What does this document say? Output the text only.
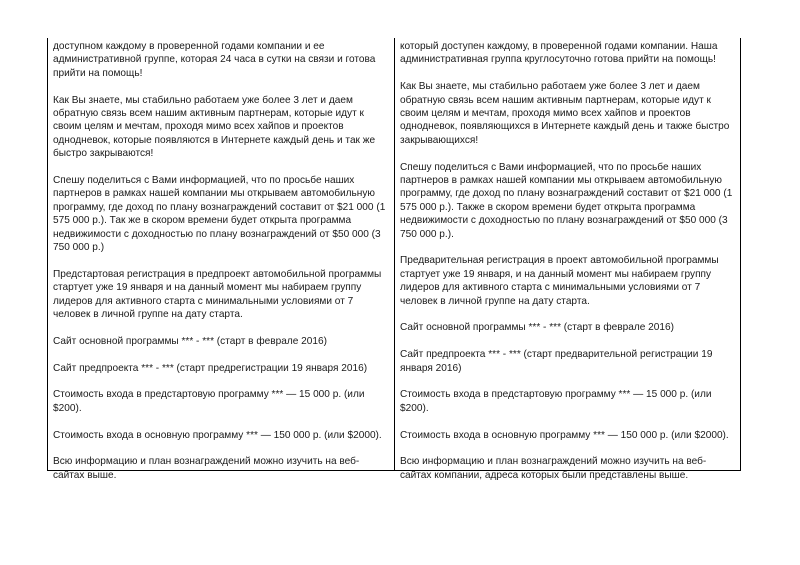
доступном каждому в проверенной годами компании и ее административной группе, которая 24 часа в сутки на связи и готова прийти на помощь!

Как Вы знаете, мы стабильно работаем уже более 3 лет и даем обратную связь всем нашим активным партнерам, которые идут к своим целям и мечтам, проходя мимо всех хайпов и проектов однодневок, которые появляются в Интернете каждый день и так же быстро закрываются!

Спешу поделиться с Вами информацией, что по просьбе наших партнеров в рамках нашей компании мы открываем автомобильную программу, где доход по плану вознаграждений составит от $21 000 (1 575 000 р.). Так же в скором времени будет открыта программа недвижимости с доходностью по плану вознаграждений от $50 000 (3 750 000 р.)

Предстартовая регистрация в предпроект автомобильной программы стартует уже 19 января и на данный момент мы набираем группу лидеров для активного старта с минимальными условиями от 7 человек в личной группе на дату старта.

Сайт основной программы *** - *** (старт в феврале 2016)

Сайт предпроекта *** - *** (старт предрегистрации 19 января 2016)

Стоимость входа в предстартовую программу *** — 15 000 р. (или $200).

Стоимость входа в основную программу *** — 150 000 р. (или $2000).

Всю информацию и план вознаграждений можно изучить на веб-сайтах выше.

который доступен каждому, в проверенной годами компании. Наша административная группа круглосуточно готова прийти на помощь!

Как Вы знаете, мы стабильно работаем уже более 3 лет и даем обратную связь всем нашим активным партнерам, которые идут к своим целям и мечтам, проходя мимо всех хайпов и проектов однодневок, появляющихся в Интернете каждый день и также быстро закрывающихся!

Спешу поделиться с Вами информацией, что по просьбе наших партнеров в рамках нашей компании мы открываем автомобильную программу, где доход по плану вознаграждений составит от $21 000 (1 575 000 р.). Также в скором времени будет открыта программа недвижимости с доходностью по плану вознаграждений от $50 000 (3 750 000 р.).

Предварительная регистрация в проект автомобильной программы стартует уже 19 января, и на данный момент мы набираем группу лидеров для активного старта с минимальными условиями от 7 человек в личной группе на дату старта.

Сайт основной программы *** - *** (старт в феврале 2016)

Сайт предпроекта *** - *** (старт предварительной регистрации 19 января 2016)

Стоимость входа в предстартовую программу *** — 15 000 р. (или $200).

Стоимость входа в основную программу *** — 150 000 р. (или $2000).

Всю информацию и план вознаграждений можно изучить на веб-сайтах компании, адреса которых были представлены выше.
